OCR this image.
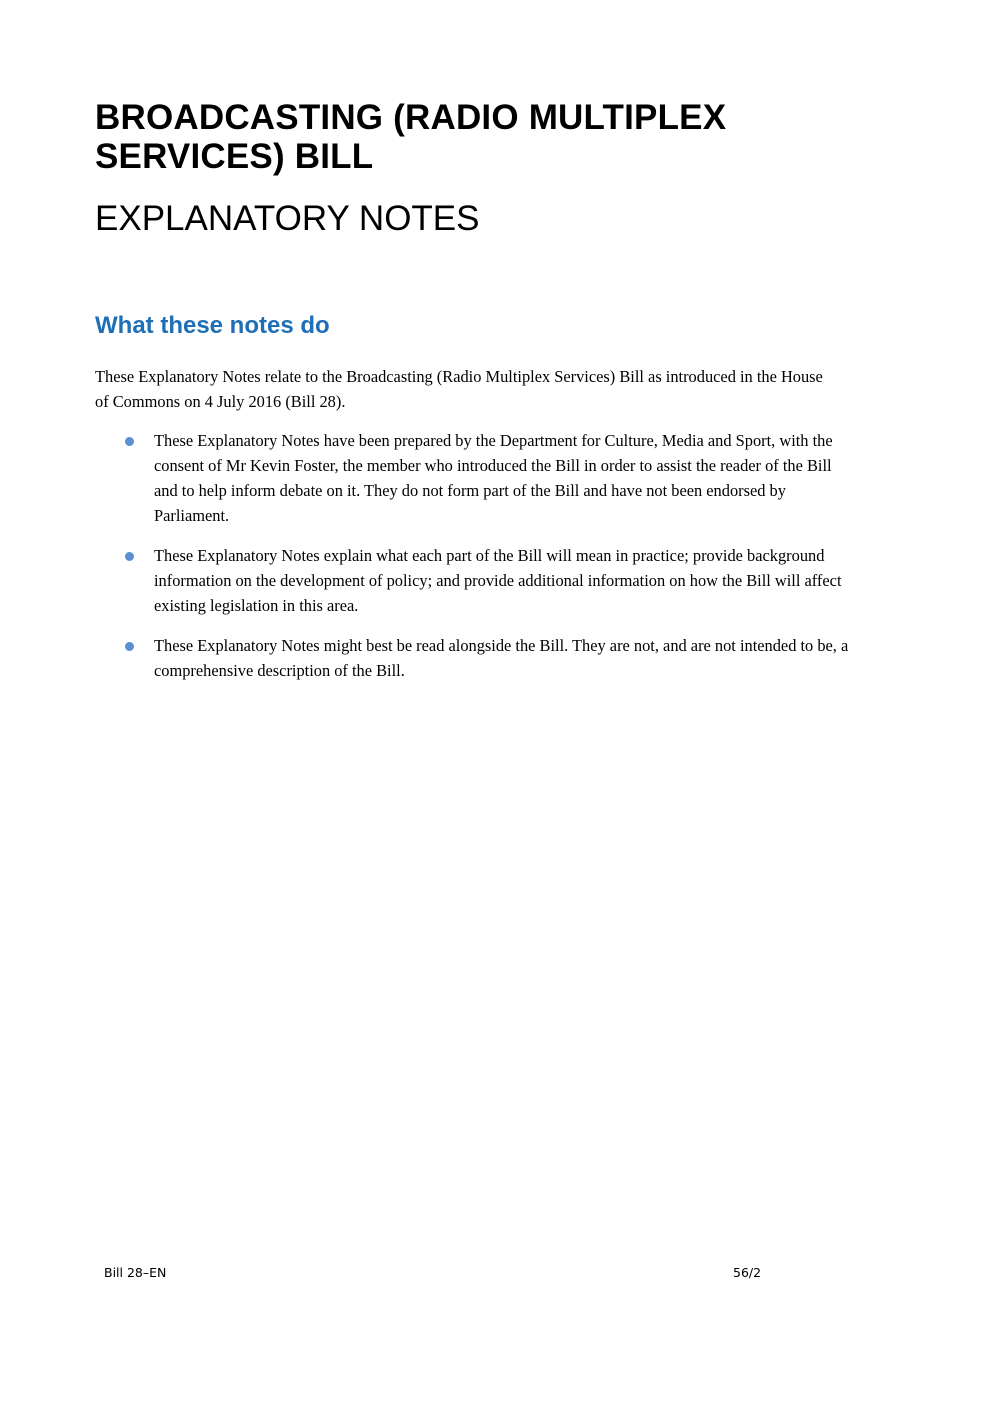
BROADCASTING (RADIO MULTIPLEX SERVICES) BILL
EXPLANATORY NOTES
What these notes do

These Explanatory Notes relate to the Broadcasting (Radio Multiplex Services) Bill as introduced in the House of Commons on 4 July 2016 (Bill 28).

These Explanatory Notes have been prepared by the Department for Culture, Media and Sport, with the consent of Mr Kevin Foster, the member who introduced the Bill in order to assist the reader of the Bill and to help inform debate on it. They do not form part of the Bill and have not been endorsed by Parliament.
These Explanatory Notes explain what each part of the Bill will mean in practice; provide background information on the development of policy; and provide additional information on how the Bill will affect existing legislation in this area.
These Explanatory Notes might best be read alongside the Bill. They are not, and are not intended to be, a comprehensive description of the Bill.
Bill 28–EN	56/2
